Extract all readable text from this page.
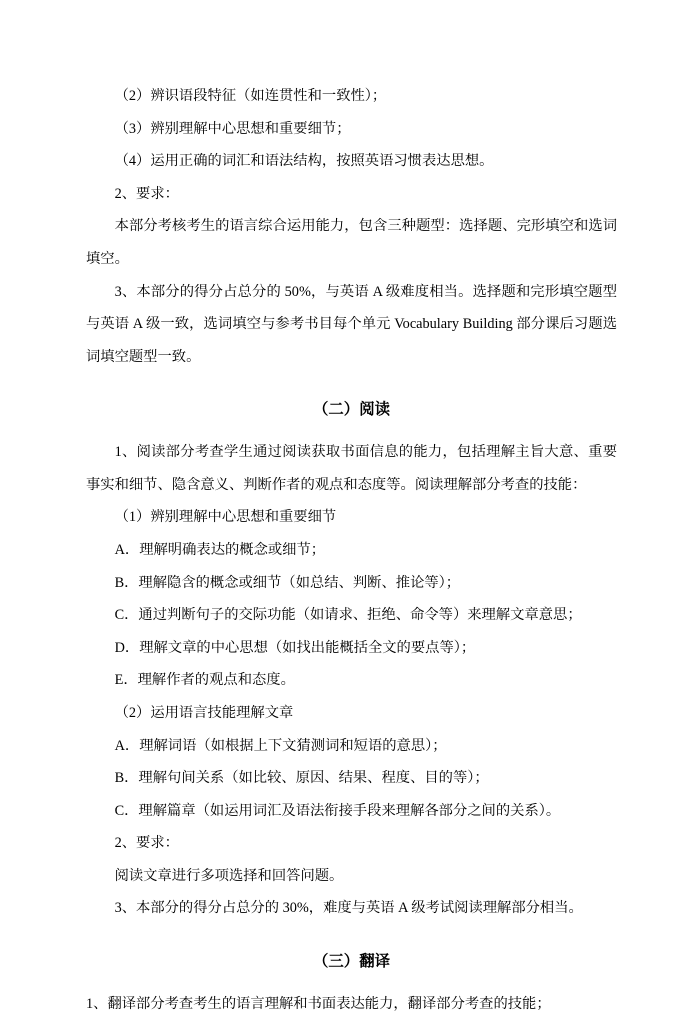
（2）辨识语段特征（如连贯性和一致性）；

（3）辨别理解中心思想和重要细节；

（4）运用正确的词汇和语法结构，按照英语习惯表达思想。

2、要求：

本部分考核考生的语言综合运用能力，包含三种题型：选择题、完形填空和选词填空。

3、本部分的得分占总分的 50%，与英语 A 级难度相当。选择题和完形填空题型与英语 A 级一致，选词填空与参考书目每个单元 Vocabulary Building 部分课后习题选词填空题型一致。

（二）阅读

1、阅读部分考查学生通过阅读获取书面信息的能力，包括理解主旨大意、重要事实和细节、隐含意义、判断作者的观点和态度等。阅读理解部分考查的技能：

（1）辨别理解中心思想和重要细节

A．理解明确表达的概念或细节；

B．理解隐含的概念或细节（如总结、判断、推论等）；

C．通过判断句子的交际功能（如请求、拒绝、命令等）来理解文章意思；

D．理解文章的中心思想（如找出能概括全文的要点等）；

E．理解作者的观点和态度。

（2）运用语言技能理解文章

A．理解词语（如根据上下文猜测词和短语的意思）；

B．理解句间关系（如比较、原因、结果、程度、目的等）；

C．理解篇章（如运用词汇及语法衔接手段来理解各部分之间的关系）。

2、要求：

阅读文章进行多项选择和回答问题。

3、本部分的得分占总分的 30%，难度与英语 A 级考试阅读理解部分相当。

（三）翻译

1、翻译部分考查考生的语言理解和书面表达能力，翻译部分考查的技能；
